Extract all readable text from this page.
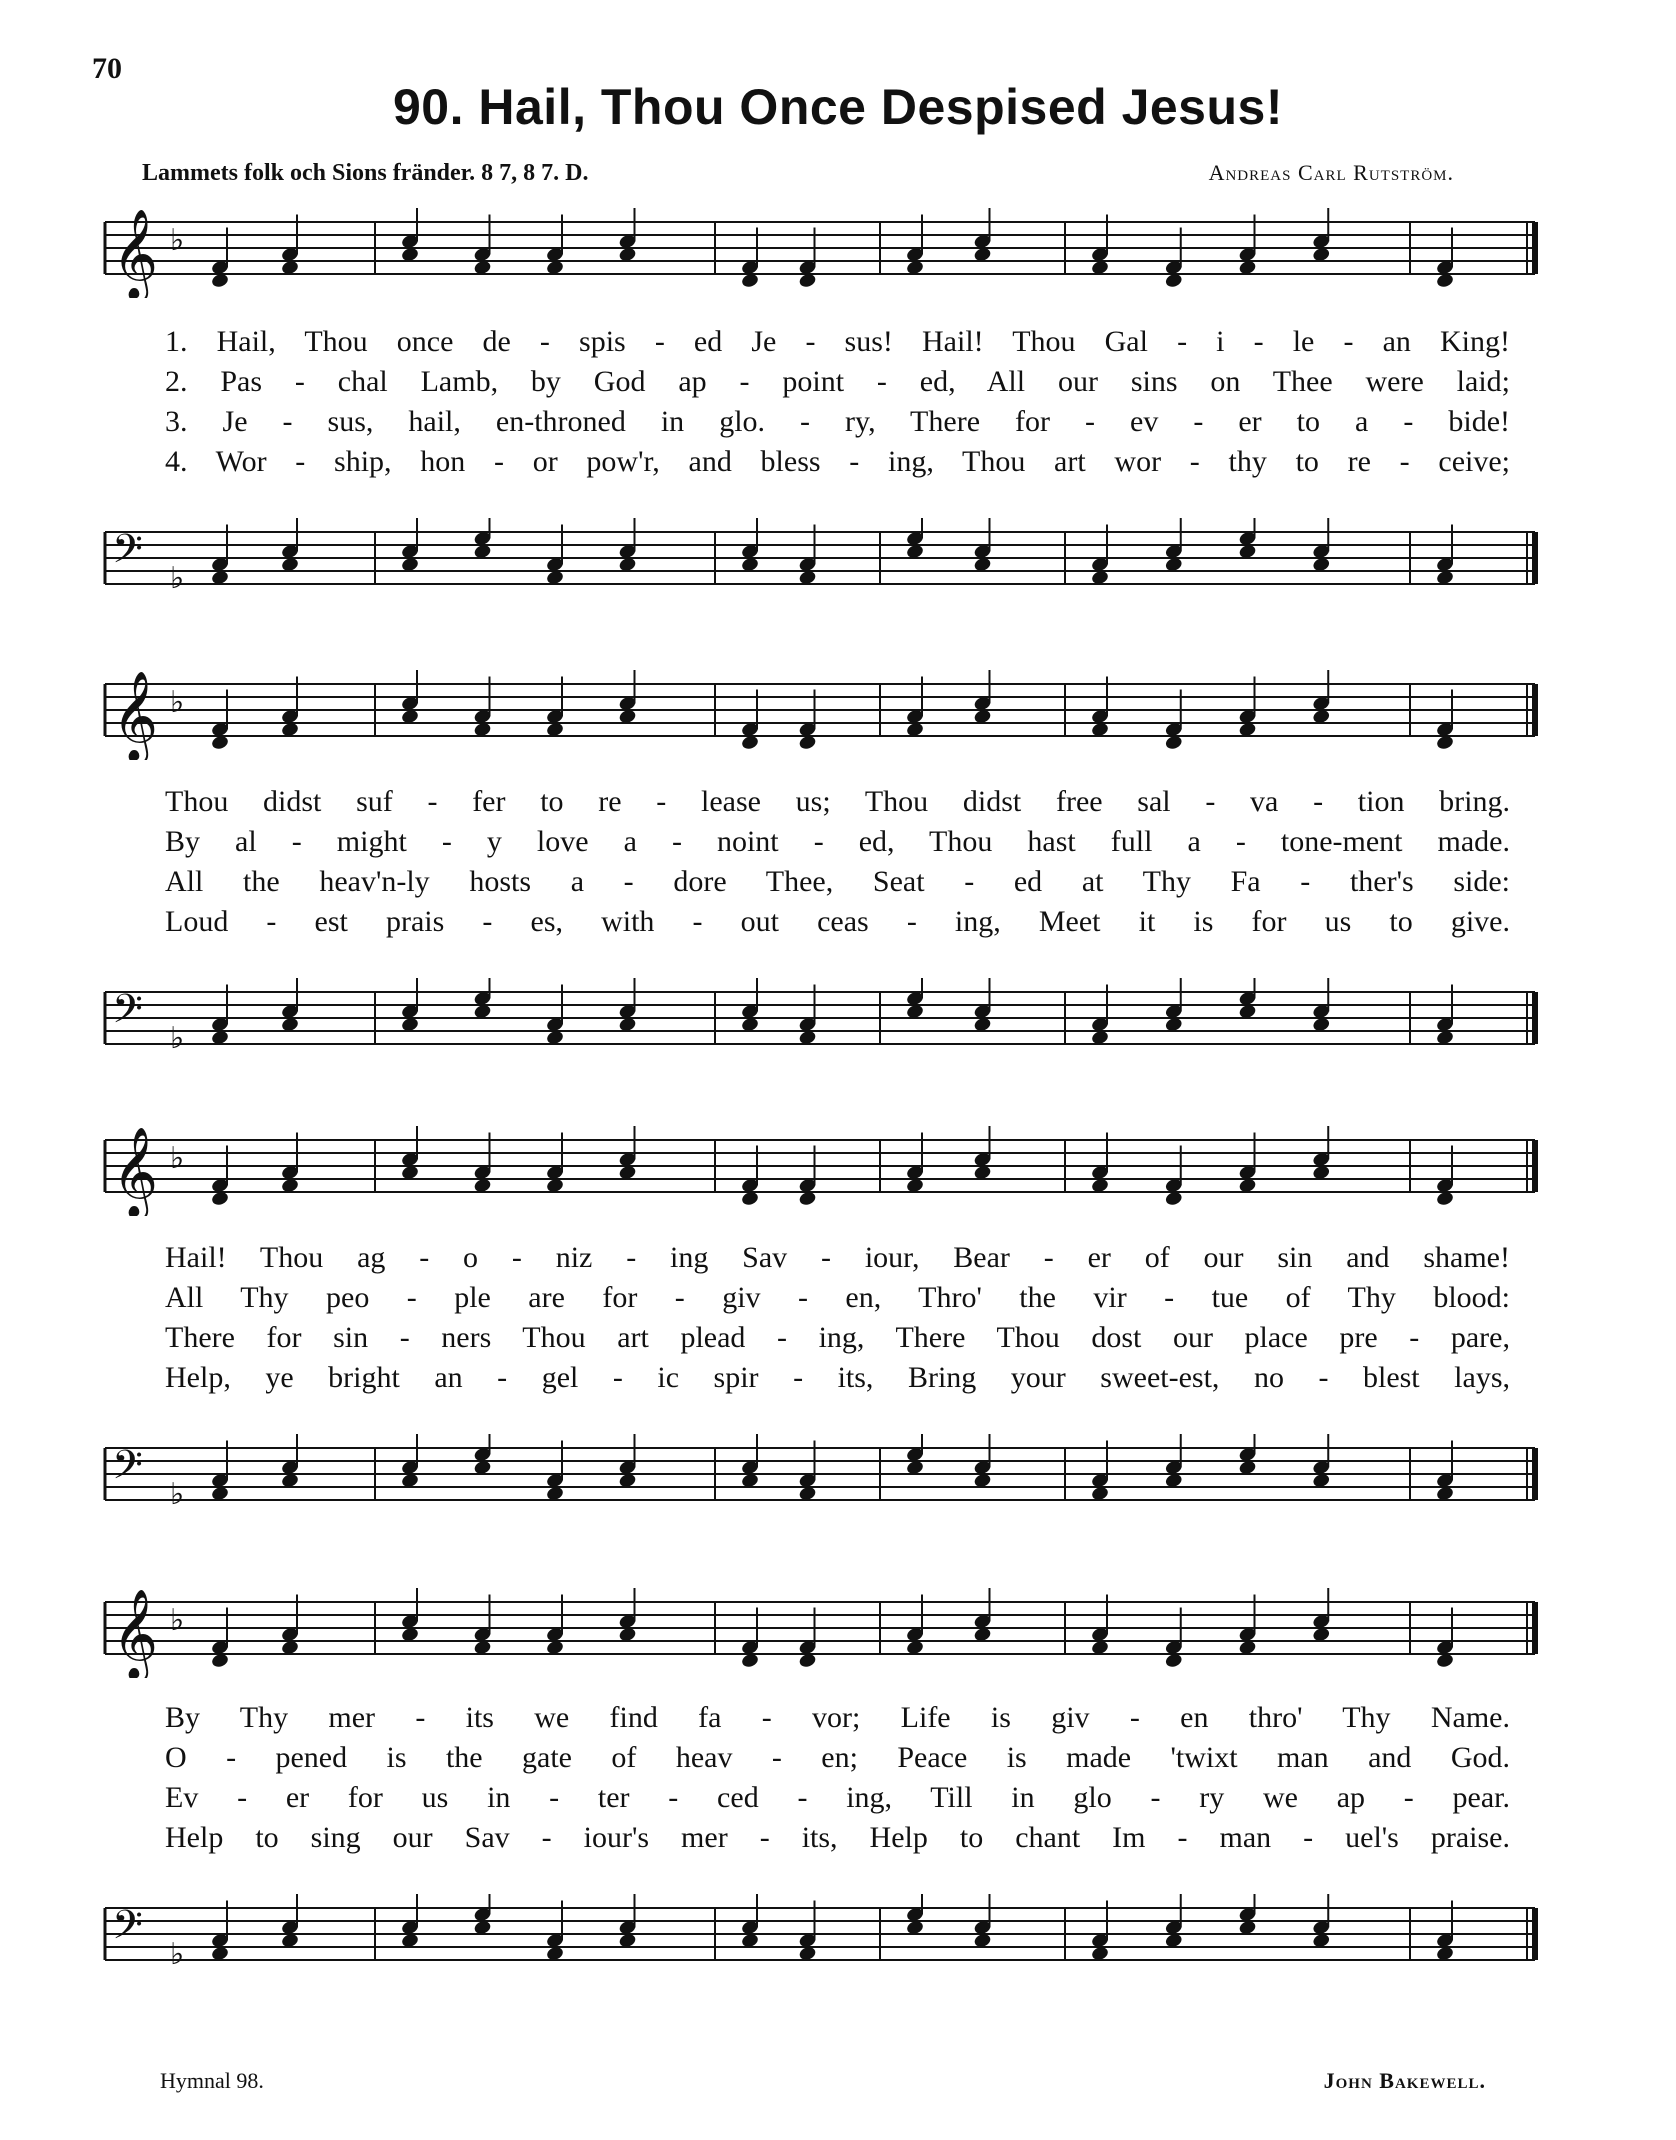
70
90. Hail, Thou Once Despised Jesus!
Lammets folk och Sions fränder. 8 7, 8 7. D.	Andreas Carl Rutström.
𝄞 ♭
1. Hail, Thou once de - spis - ed Je - sus! Hail! Thou Gal - i - le - an King!
2. Pas - chal Lamb, by God ap - point - ed, All our sins on Thee were laid;
3. Je - sus, hail, en-throned in glo. - ry, There for - ev - er to a - bide!
4. Wor - ship, hon - or pow'r, and bless - ing, Thou art wor - thy to re - ceive;
𝄢 ♭
𝄞 ♭
Thou didst suf - fer to re - lease us; Thou didst free sal - va - tion bring.
By al - might - y love a - noint - ed, Thou hast full a - tone-ment made.
All the heav'n-ly hosts a - dore Thee, Seat - ed at Thy Fa - ther's side:
Loud - est prais - es, with - out ceas - ing, Meet it is for us to give.
𝄢 ♭
𝄞 ♭
Hail! Thou ag - o - niz - ing Sav - iour, Bear - er of our sin and shame!
All Thy peo - ple are for - giv - en, Thro' the vir - tue of Thy blood:
There for sin - ners Thou art plead - ing, There Thou dost our place pre - pare,
Help, ye bright an - gel - ic spir - its, Bring your sweet-est, no - blest lays,
𝄢 ♭
𝄞 ♭
By Thy mer - its we find fa - vor; Life is giv - en thro' Thy Name.
O - pened is the gate of heav - en; Peace is made 'twixt man and God.
Ev - er for us in - ter - ced - ing, Till in glo - ry we ap - pear.
Help to sing our Sav - iour's mer - its, Help to chant Im - man - uel's praise.
𝄢 ♭
Hymnal 98.	John Bakewell.
